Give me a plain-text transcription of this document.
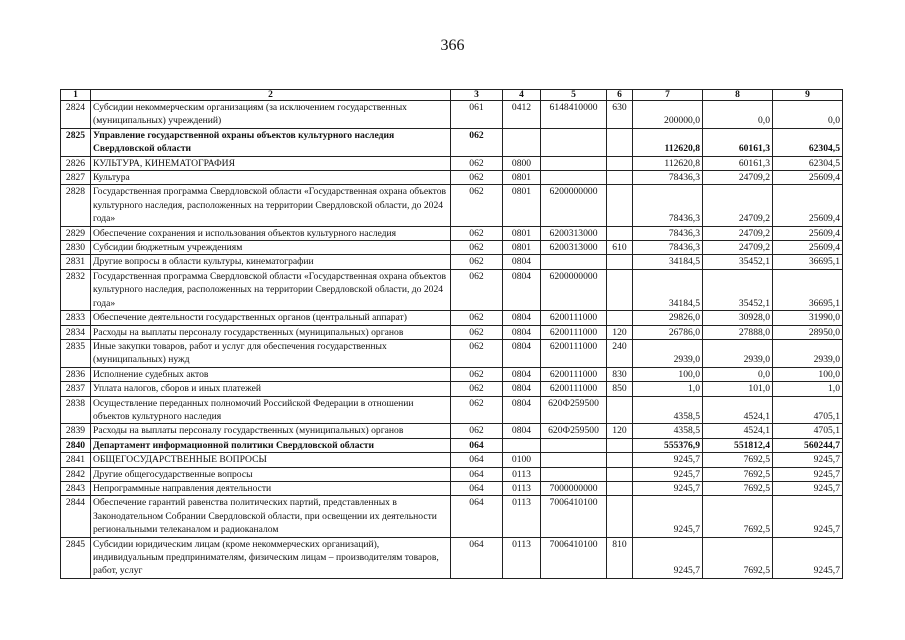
366
1	2	3	4	5	6	7	8	9
2824	Субсидии некоммерческим организациям (за исключением государственных (муниципальных) учреждений)	061	0412	6148410000	630	200000,0	0,0	0,0
2825	Управление государственной охраны объектов культурного наследия Свердловской области	062				112620,8	60161,3	62304,5
2826	КУЛЬТУРА, КИНЕМАТОГРАФИЯ	062	0800			112620,8	60161,3	62304,5
2827	Культура	062	0801			78436,3	24709,2	25609,4
2828	Государственная программа Свердловской области «Государственная охрана объектов культурного наследия, расположенных на территории Свердловской области, до 2024 года»	062	0801	6200000000		78436,3	24709,2	25609,4
2829	Обеспечение сохранения и использования объектов культурного наследия	062	0801	6200313000		78436,3	24709,2	25609,4
2830	Субсидии бюджетным учреждениям	062	0801	6200313000	610	78436,3	24709,2	25609,4
2831	Другие вопросы в области культуры, кинематографии	062	0804			34184,5	35452,1	36695,1
2832	Государственная программа Свердловской области «Государственная охрана объектов культурного наследия, расположенных на территории Свердловской области, до 2024 года»	062	0804	6200000000		34184,5	35452,1	36695,1
2833	Обеспечение деятельности государственных органов (центральный аппарат)	062	0804	6200111000		29826,0	30928,0	31990,0
2834	Расходы на выплаты персоналу государственных (муниципальных) органов	062	0804	6200111000	120	26786,0	27888,0	28950,0
2835	Иные закупки товаров, работ и услуг для обеспечения государственных (муниципальных) нужд	062	0804	6200111000	240	2939,0	2939,0	2939,0
2836	Исполнение судебных актов	062	0804	6200111000	830	100,0	0,0	100,0
2837	Уплата налогов, сборов и иных платежей	062	0804	6200111000	850	1,0	101,0	1,0
2838	Осуществление переданных полномочий Российской Федерации в отношении объектов культурного наследия	062	0804	620Ф259500		4358,5	4524,1	4705,1
2839	Расходы на выплаты персоналу государственных (муниципальных) органов	062	0804	620Ф259500	120	4358,5	4524,1	4705,1
2840	Департамент информационной политики Свердловской области	064				555376,9	551812,4	560244,7
2841	ОБЩЕГОСУДАРСТВЕННЫЕ ВОПРОСЫ	064	0100			9245,7	7692,5	9245,7
2842	Другие общегосударственные вопросы	064	0113			9245,7	7692,5	9245,7
2843	Непрограммные направления деятельности	064	0113	7000000000		9245,7	7692,5	9245,7
2844	Обеспечение гарантий равенства политических партий, представленных в Законодательном Собрании Свердловской области, при освещении их деятельности региональными телеканалом и радиоканалом	064	0113	7006410100		9245,7	7692,5	9245,7
2845	Субсидии юридическим лицам (кроме некоммерческих организаций), индивидуальным предпринимателям, физическим лицам – производителям товаров, работ, услуг	064	0113	7006410100	810	9245,7	7692,5	9245,7
